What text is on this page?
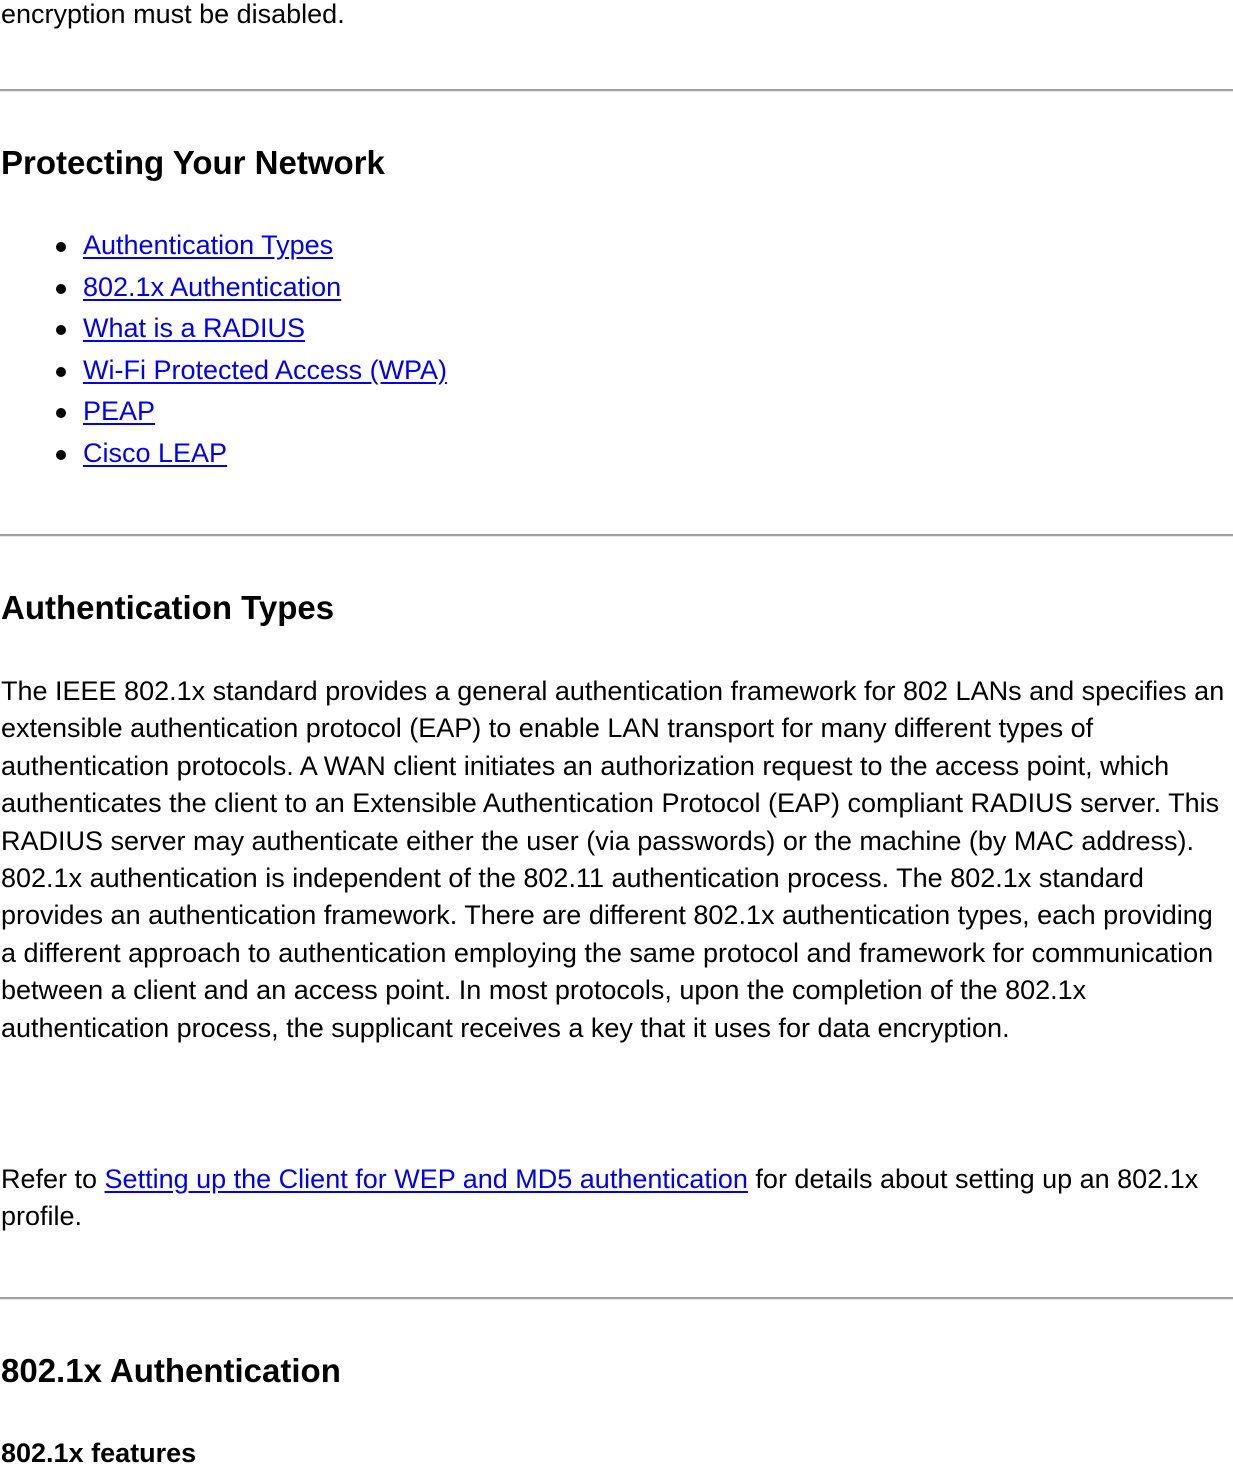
encryption must be disabled.

Protecting Your Network
Authentication Types
802.1x Authentication
What is a RADIUS
Wi-Fi Protected Access (WPA)
PEAP
Cisco LEAP
Authentication Types

The IEEE 802.1x standard provides a general authentication framework for 802 LANs and specifies an extensible authentication protocol (EAP) to enable LAN transport for many different types of authentication protocols. A WAN client initiates an authorization request to the access point, which authenticates the client to an Extensible Authentication Protocol (EAP) compliant RADIUS server. This RADIUS server may authenticate either the user (via passwords) or the machine (by MAC address). 802.1x authentication is independent of the 802.11 authentication process. The 802.1x standard provides an authentication framework. There are different 802.1x authentication types, each providing a different approach to authentication employing the same protocol and framework for communication between a client and an access point. In most protocols, upon the completion of the 802.1x authentication process, the supplicant receives a key that it uses for data encryption.

Refer to Setting up the Client for WEP and MD5 authentication for details about setting up an 802.1x profile.

802.1x Authentication
802.1x features
